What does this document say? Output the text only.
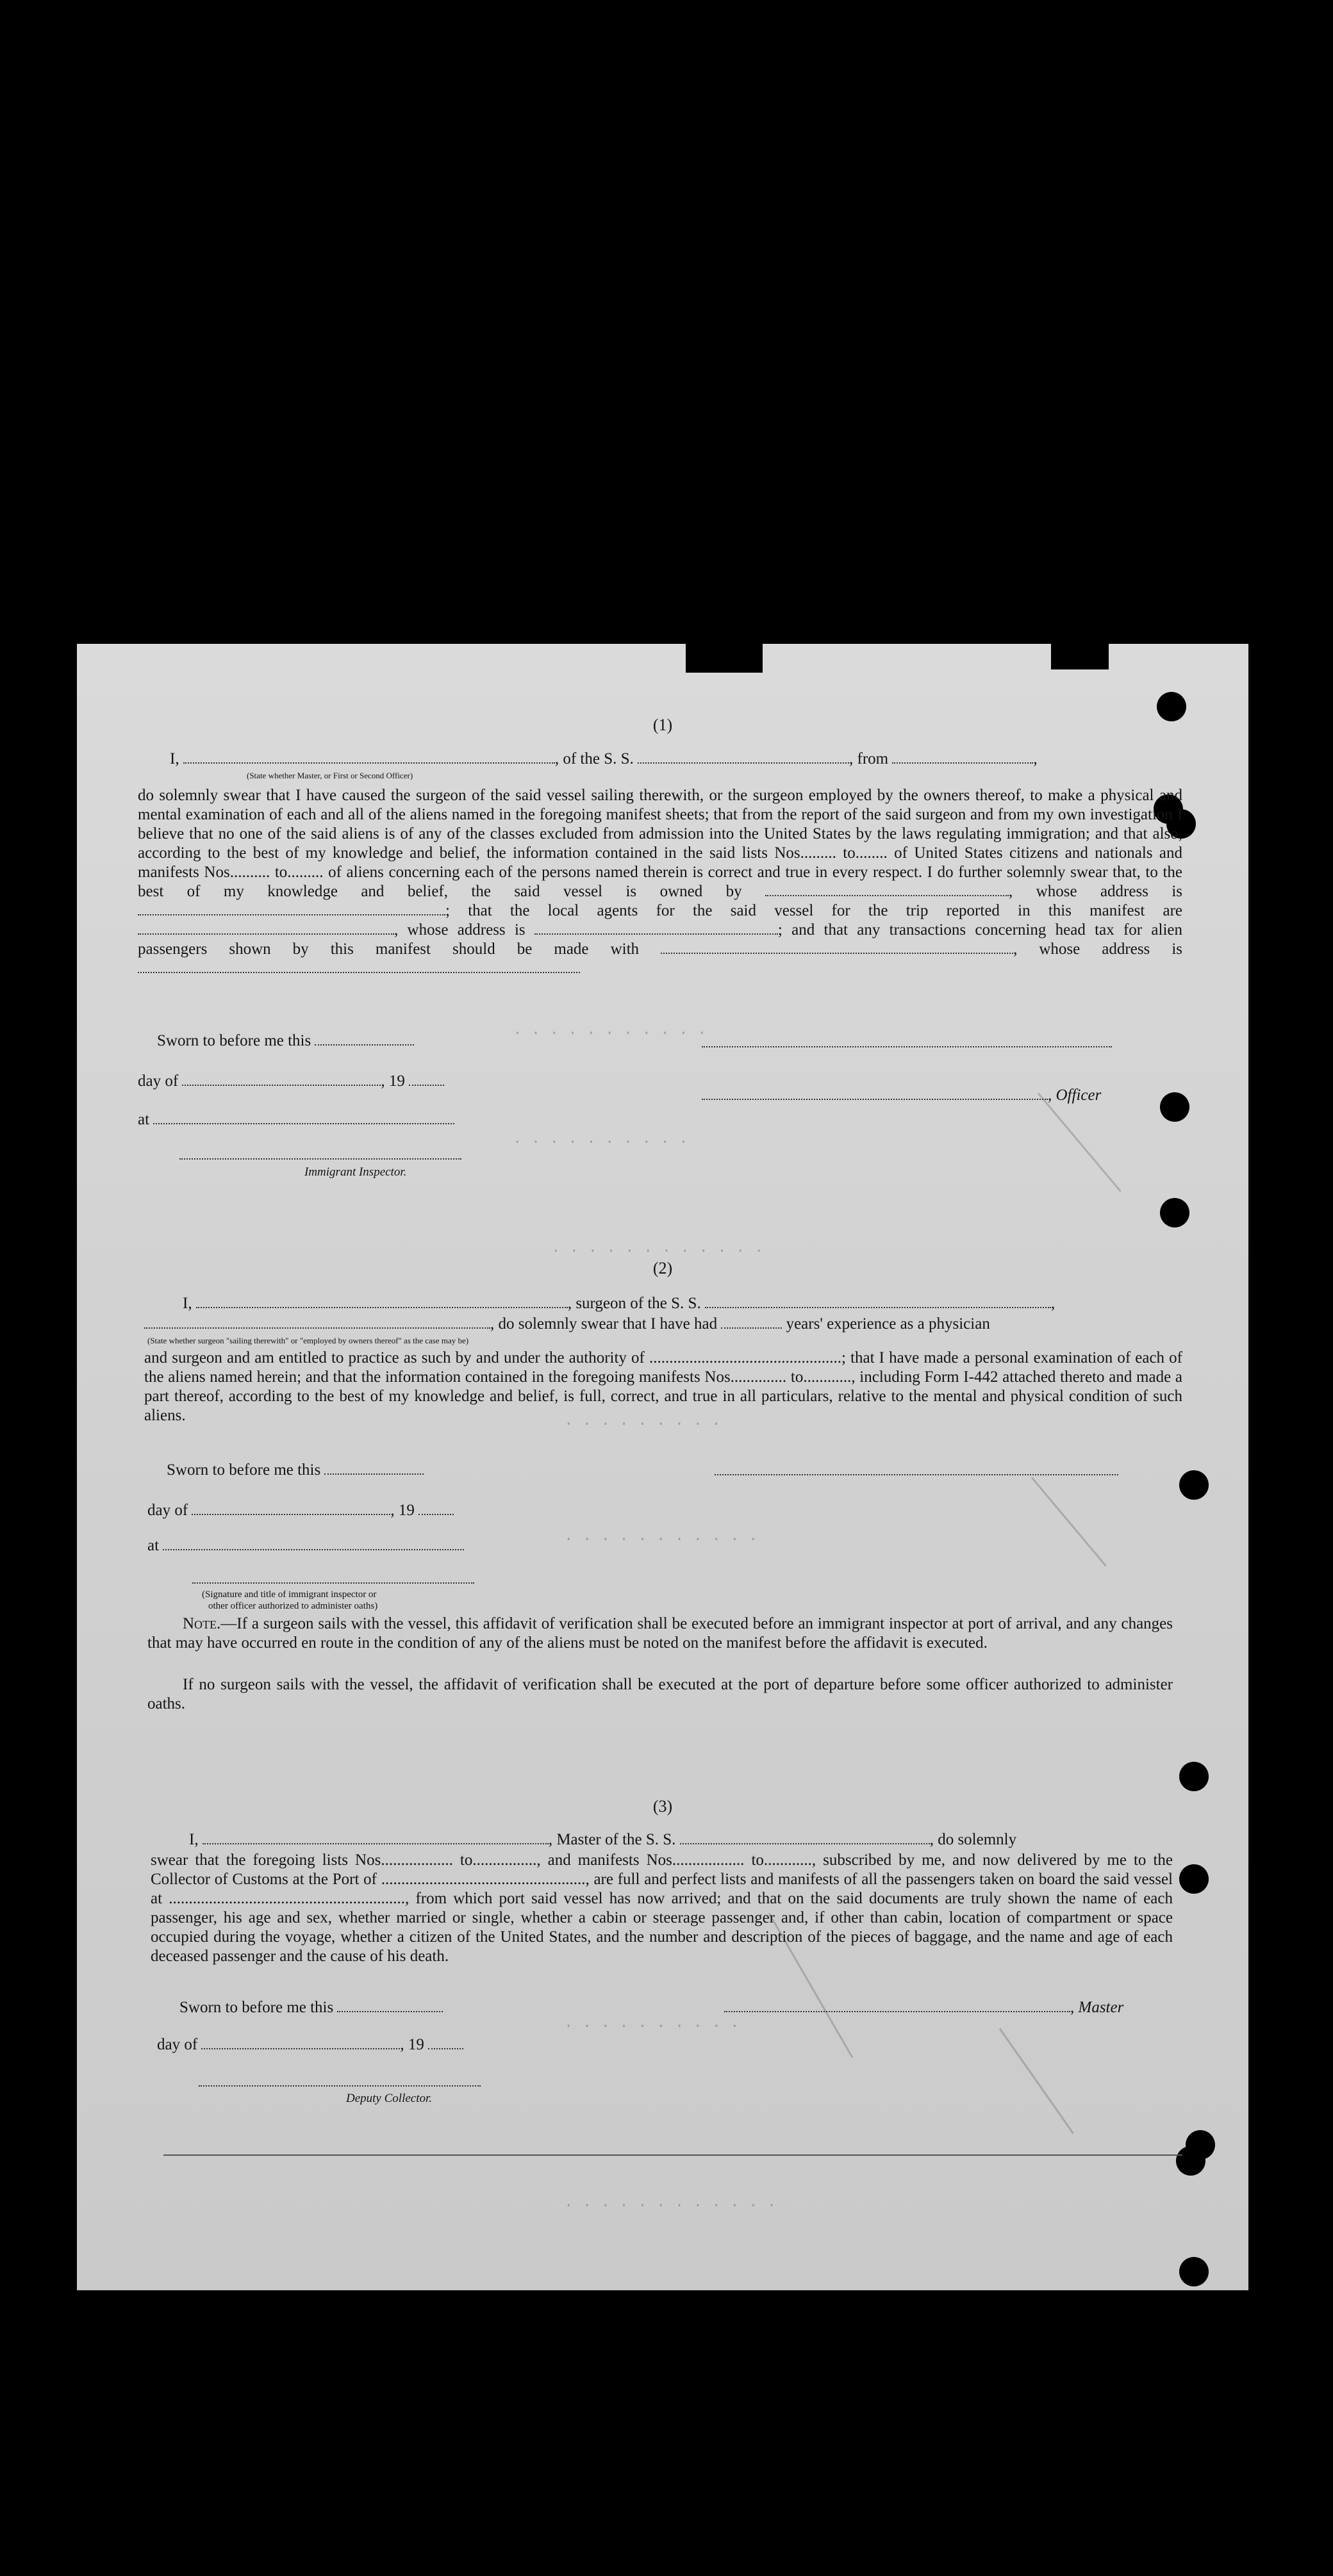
. . . . . . . . . . .
. . . . . . . . . .
. . . . . . . . . . . .
. . . . . . . . .
. . . . . . . . . . .
. . . . . . . . . .
. . . . . . . . . . . .
(1)
I,	, of the S. S.	, from	,
(State whether Master, or First or Second Officer)
do solemnly swear that I have caused the surgeon of the said vessel sailing therewith, or the surgeon employed by the owners thereof, to make a physical and mental examination of each and all of the aliens named in the foregoing manifest sheets; that from the report of the said surgeon and from my own investigation I believe that no one of the said aliens is of any of the classes excluded from admission into the United States by the laws regulating immigration; and that also, according to the best of my knowledge and belief, the information contained in the said lists Nos......... to........ of United States citizens and nationals and manifests Nos.......... to......... of aliens concerning each of the persons named therein is correct and true in every respect. I do further solemnly swear that, to the best of my knowledge and belief, the said vessel is owned by	, whose address is ; that the local agents for the said vessel for the trip reported in this manifest are , whose address is	; and that any transactions concerning head tax for alien passengers shown by this manifest should be made with	, whose address is
Sworn to before me this
day of	, 19
, Officer
at
Immigrant Inspector.
(2)
I,	, surgeon of the S. S.	,
, do solemnly swear that I have had	years' experience as a physician
(State whether surgeon "sailing therewith" or "employed by owners thereof" as the case may be)
and surgeon and am entitled to practice as such by and under the authority of ................................................; that I have made a personal examination of each of the aliens named herein; and that the information contained in the foregoing manifests Nos.............. to............, including Form I-442 attached thereto and made a part thereof, according to the best of my knowledge and belief, is full, correct, and true in all particulars, relative to the mental and physical condition of such aliens.
Sworn to before me this
day of	, 19
at
(Signature and title of immigrant inspector or
other officer authorized to administer oaths)
Note.—If a surgeon sails with the vessel, this affidavit of verification shall be executed before an immigrant inspector at port of arrival, and any changes that may have occurred en route in the condition of any of the aliens must be noted on the manifest before the affidavit is executed.
If no surgeon sails with the vessel, the affidavit of verification shall be executed at the port of departure before some officer authorized to administer oaths.
(3)
I,	, Master of the S. S.	, do solemnly
swear that the foregoing lists Nos.................. to................, and manifests Nos.................. to............, subscribed by me, and now delivered by me to the Collector of Customs at the Port of ..................................................., are full and perfect lists and manifests of all the passengers taken on board the said vessel at ..........................................................., from which port said vessel has now arrived; and that on the said documents are truly shown the name of each passenger, his age and sex, whether married or single, whether a cabin or steerage passenger and, if other than cabin, location of compartment or space occupied during the voyage, whether a citizen of the United States, and the number and description of the pieces of baggage, and the name and age of each deceased passenger and the cause of his death.
Sworn to before me this	, Master
day of	, 19
Deputy Collector.
